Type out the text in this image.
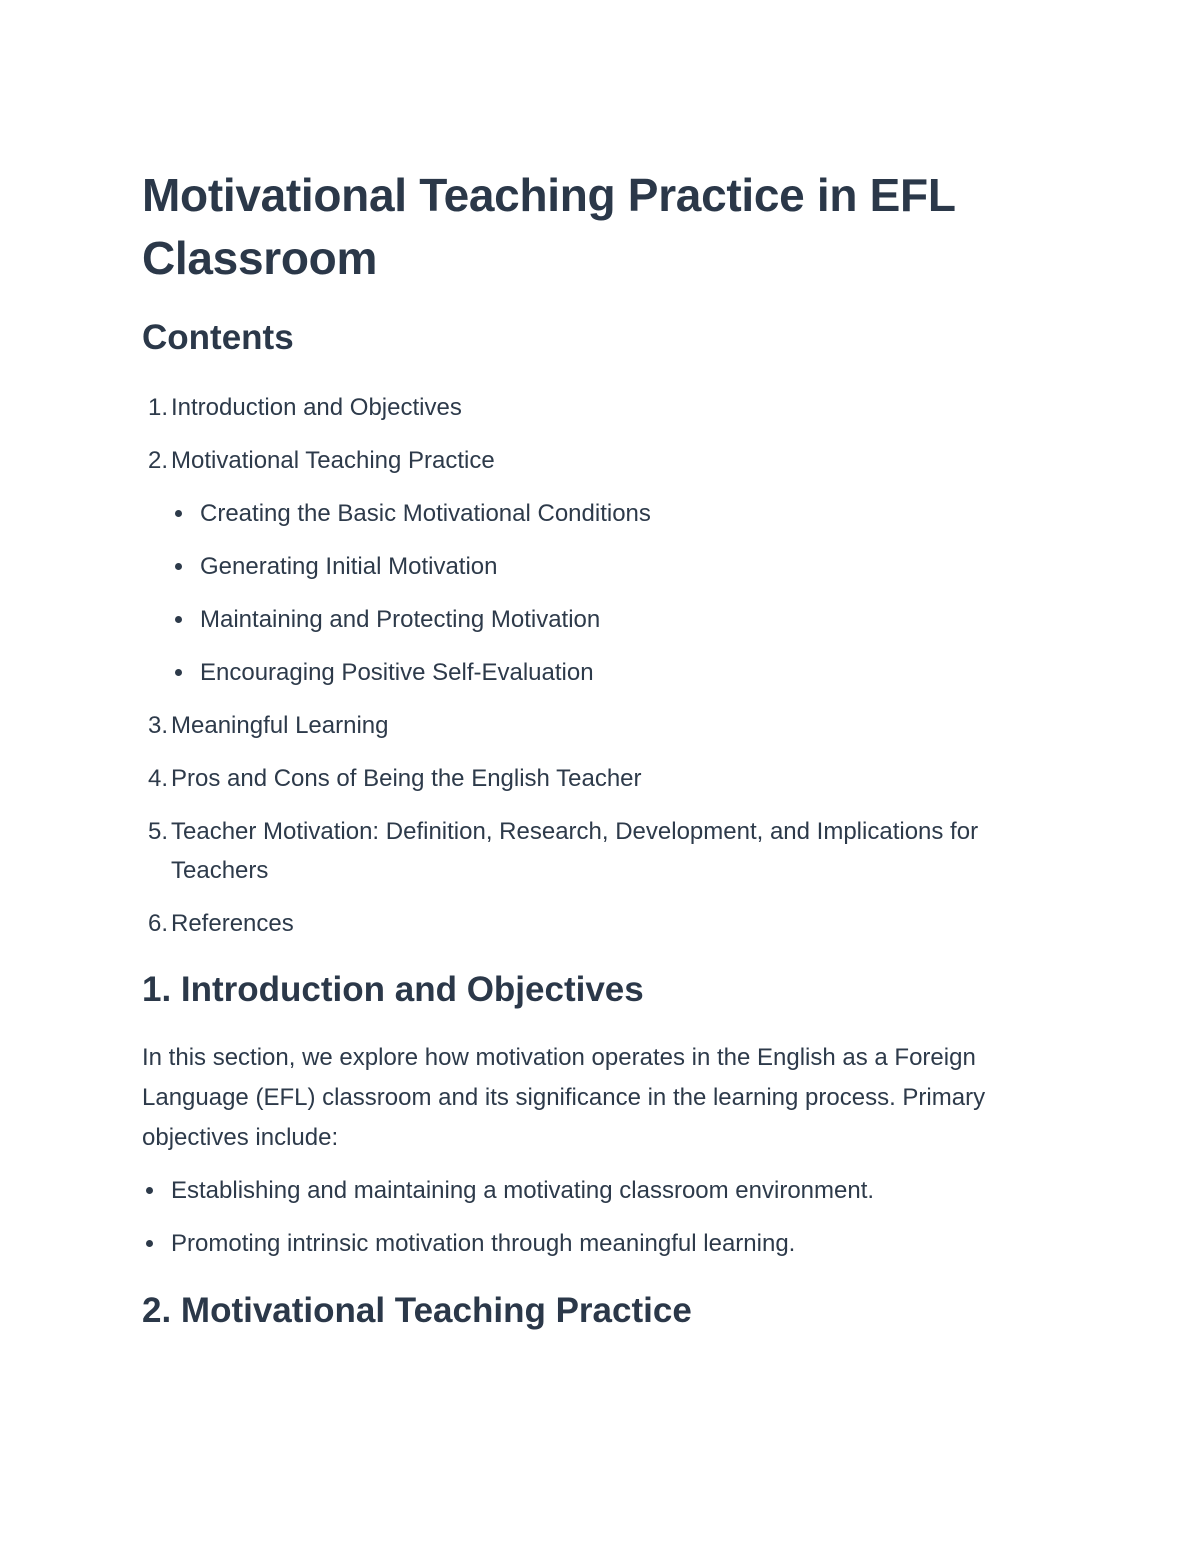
Motivational Teaching Practice in EFL Classroom
Contents
1. Introduction and Objectives
2. Motivational Teaching Practice
Creating the Basic Motivational Conditions
Generating Initial Motivation
Maintaining and Protecting Motivation
Encouraging Positive Self-Evaluation
3. Meaningful Learning
4. Pros and Cons of Being the English Teacher
5. Teacher Motivation: Definition, Research, Development, and Implications for Teachers
6. References
1. Introduction and Objectives

In this section, we explore how motivation operates in the English as a Foreign Language (EFL) classroom and its significance in the learning process. Primary objectives include:

Establishing and maintaining a motivating classroom environment.
Promoting intrinsic motivation through meaningful learning.
2. Motivational Teaching Practice
